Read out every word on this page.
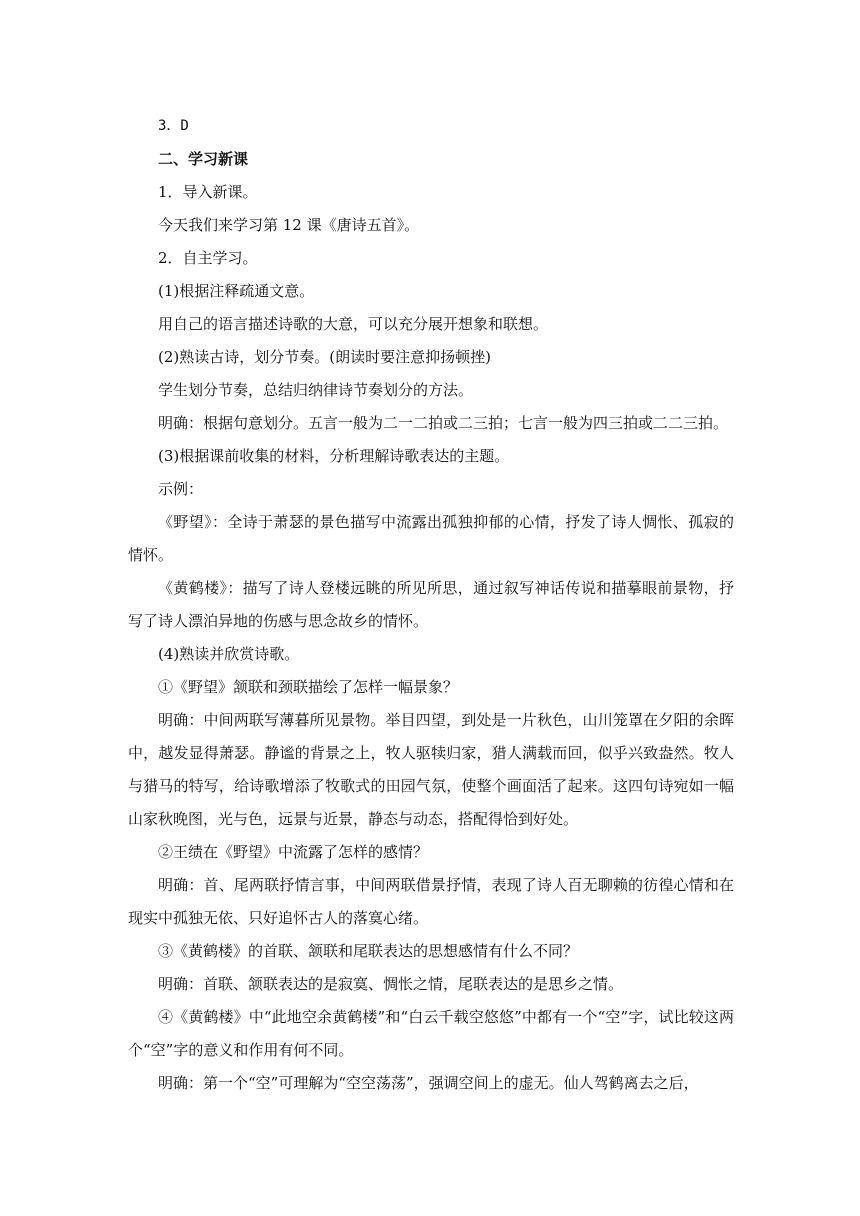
3．D

二、学习新课

1．导入新课。

今天我们来学习第 12 课《唐诗五首》。

2．自主学习。

(1)根据注释疏通文意。

用自己的语言描述诗歌的大意，可以充分展开想象和联想。

(2)熟读古诗，划分节奏。(朗读时要注意抑扬顿挫)

学生划分节奏，总结归纳律诗节奏划分的方法。

明确：根据句意划分。五言一般为二一二拍或二三拍；七言一般为四三拍或二二三拍。

(3)根据课前收集的材料，分析理解诗歌表达的主题。

示例：

《野望》：全诗于萧瑟的景色描写中流露出孤独抑郁的心情，抒发了诗人惆怅、孤寂的情怀。

《黄鹤楼》：描写了诗人登楼远眺的所见所思，通过叙写神话传说和描摹眼前景物，抒写了诗人漂泊异地的伤感与思念故乡的情怀。

(4)熟读并欣赏诗歌。

①《野望》颔联和颈联描绘了怎样一幅景象？

明确：中间两联写薄暮所见景物。举目四望，到处是一片秋色，山川笼罩在夕阳的余晖中，越发显得萧瑟。静谧的背景之上，牧人驱犊归家，猎人满载而回，似乎兴致盎然。牧人与猎马的特写，给诗歌增添了牧歌式的田园气氛，使整个画面活了起来。这四句诗宛如一幅山家秋晚图，光与色，远景与近景，静态与动态，搭配得恰到好处。

②王绩在《野望》中流露了怎样的感情？

明确：首、尾两联抒情言事，中间两联借景抒情，表现了诗人百无聊赖的彷徨心情和在现实中孤独无依、只好追怀古人的落寞心绪。

③《黄鹤楼》的首联、颔联和尾联表达的思想感情有什么不同？

明确：首联、颔联表达的是寂寞、惆怅之情，尾联表达的是思乡之情。

④《黄鹤楼》中“此地空余黄鹤楼”和“白云千载空悠悠”中都有一个“空”字，试比较这两个“空”字的意义和作用有何不同。

明确：第一个“空”可理解为“空空荡荡”，强调空间上的虚无。仙人驾鹤离去之后，
